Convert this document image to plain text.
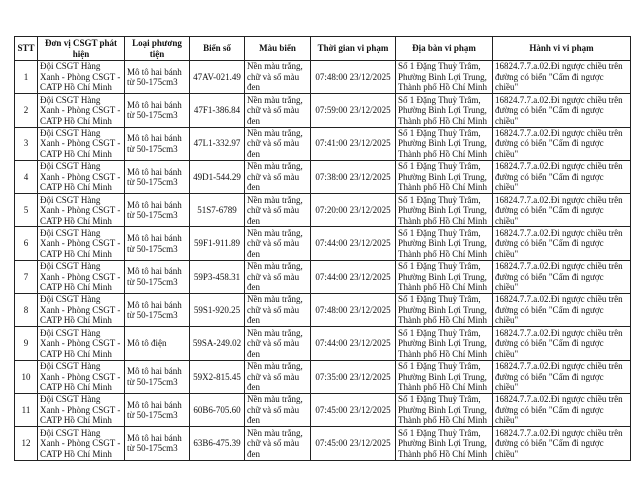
STT	Đơn vị CSGT phát hiện	Loại phương tiện	Biển số	Màu biển	Thời gian vi phạm	Địa bàn vi phạm	Hành vi vi phạm
1	Đội CSGT Hàng Xanh - Phòng CSGT - CATP Hồ Chí Minh	Mô tô hai bánh từ 50-175cm3	47AV-021.49	Nền màu trắng, chữ và số màu đen	07:48:00 23/12/2025	Số 1 Đặng Thuỳ Trâm, Phường Bình Lợi Trung, Thành phố Hồ Chí Minh	16824.7.7.a.02.Đi ngược chiều trên đường có biển "Cấm đi ngược chiều"
2	Đội CSGT Hàng Xanh - Phòng CSGT - CATP Hồ Chí Minh	Mô tô hai bánh từ 50-175cm3	47F1-386.84	Nền màu trắng, chữ và số màu đen	07:59:00 23/12/2025	Số 1 Đặng Thuỳ Trâm, Phường Bình Lợi Trung, Thành phố Hồ Chí Minh	16824.7.7.a.02.Đi ngược chiều trên đường có biển "Cấm đi ngược chiều"
3	Đội CSGT Hàng Xanh - Phòng CSGT - CATP Hồ Chí Minh	Mô tô hai bánh từ 50-175cm3	47L1-332.97	Nền màu trắng, chữ và số màu đen	07:41:00 23/12/2025	Số 1 Đặng Thuỳ Trâm, Phường Bình Lợi Trung, Thành phố Hồ Chí Minh	16824.7.7.a.02.Đi ngược chiều trên đường có biển "Cấm đi ngược chiều"
4	Đội CSGT Hàng Xanh - Phòng CSGT - CATP Hồ Chí Minh	Mô tô hai bánh từ 50-175cm3	49D1-544.29	Nền màu trắng, chữ và số màu đen	07:38:00 23/12/2025	Số 1 Đặng Thuỳ Trâm, Phường Bình Lợi Trung, Thành phố Hồ Chí Minh	16824.7.7.a.02.Đi ngược chiều trên đường có biển "Cấm đi ngược chiều"
5	Đội CSGT Hàng Xanh - Phòng CSGT - CATP Hồ Chí Minh	Mô tô hai bánh từ 50-175cm3	51S7-6789	Nền màu trắng, chữ và số màu đen	07:20:00 23/12/2025	Số 1 Đặng Thuỳ Trâm, Phường Bình Lợi Trung, Thành phố Hồ Chí Minh	16824.7.7.a.02.Đi ngược chiều trên đường có biển "Cấm đi ngược chiều"
6	Đội CSGT Hàng Xanh - Phòng CSGT - CATP Hồ Chí Minh	Mô tô hai bánh từ 50-175cm3	59F1-911.89	Nền màu trắng, chữ và số màu đen	07:44:00 23/12/2025	Số 1 Đặng Thuỳ Trâm, Phường Bình Lợi Trung, Thành phố Hồ Chí Minh	16824.7.7.a.02.Đi ngược chiều trên đường có biển "Cấm đi ngược chiều"
7	Đội CSGT Hàng Xanh - Phòng CSGT - CATP Hồ Chí Minh	Mô tô hai bánh từ 50-175cm3	59P3-458.31	Nền màu trắng, chữ và số màu đen	07:44:00 23/12/2025	Số 1 Đặng Thuỳ Trâm, Phường Bình Lợi Trung, Thành phố Hồ Chí Minh	16824.7.7.a.02.Đi ngược chiều trên đường có biển "Cấm đi ngược chiều"
8	Đội CSGT Hàng Xanh - Phòng CSGT - CATP Hồ Chí Minh	Mô tô hai bánh từ 50-175cm3	59S1-920.25	Nền màu trắng, chữ và số màu đen	07:48:00 23/12/2025	Số 1 Đặng Thuỳ Trâm, Phường Bình Lợi Trung, Thành phố Hồ Chí Minh	16824.7.7.a.02.Đi ngược chiều trên đường có biển "Cấm đi ngược chiều"
9	Đội CSGT Hàng Xanh - Phòng CSGT - CATP Hồ Chí Minh	Mô tô điện	59SA-249.02	Nền màu trắng, chữ và số màu đen	07:44:00 23/12/2025	Số 1 Đặng Thuỳ Trâm, Phường Bình Lợi Trung, Thành phố Hồ Chí Minh	16824.7.7.a.02.Đi ngược chiều trên đường có biển "Cấm đi ngược chiều"
10	Đội CSGT Hàng Xanh - Phòng CSGT - CATP Hồ Chí Minh	Mô tô hai bánh từ 50-175cm3	59X2-815.45	Nền màu trắng, chữ và số màu đen	07:35:00 23/12/2025	Số 1 Đặng Thuỳ Trâm, Phường Bình Lợi Trung, Thành phố Hồ Chí Minh	16824.7.7.a.02.Đi ngược chiều trên đường có biển "Cấm đi ngược chiều"
11	Đội CSGT Hàng Xanh - Phòng CSGT - CATP Hồ Chí Minh	Mô tô hai bánh từ 50-175cm3	60B6-705.60	Nền màu trắng, chữ và số màu đen	07:45:00 23/12/2025	Số 1 Đặng Thuỳ Trâm, Phường Bình Lợi Trung, Thành phố Hồ Chí Minh	16824.7.7.a.02.Đi ngược chiều trên đường có biển "Cấm đi ngược chiều"
12	Đội CSGT Hàng Xanh - Phòng CSGT - CATP Hồ Chí Minh	Mô tô hai bánh từ 50-175cm3	63B6-475.39	Nền màu trắng, chữ và số màu đen	07:45:00 23/12/2025	Số 1 Đặng Thuỳ Trâm, Phường Bình Lợi Trung, Thành phố Hồ Chí Minh	16824.7.7.a.02.Đi ngược chiều trên đường có biển "Cấm đi ngược chiều"
